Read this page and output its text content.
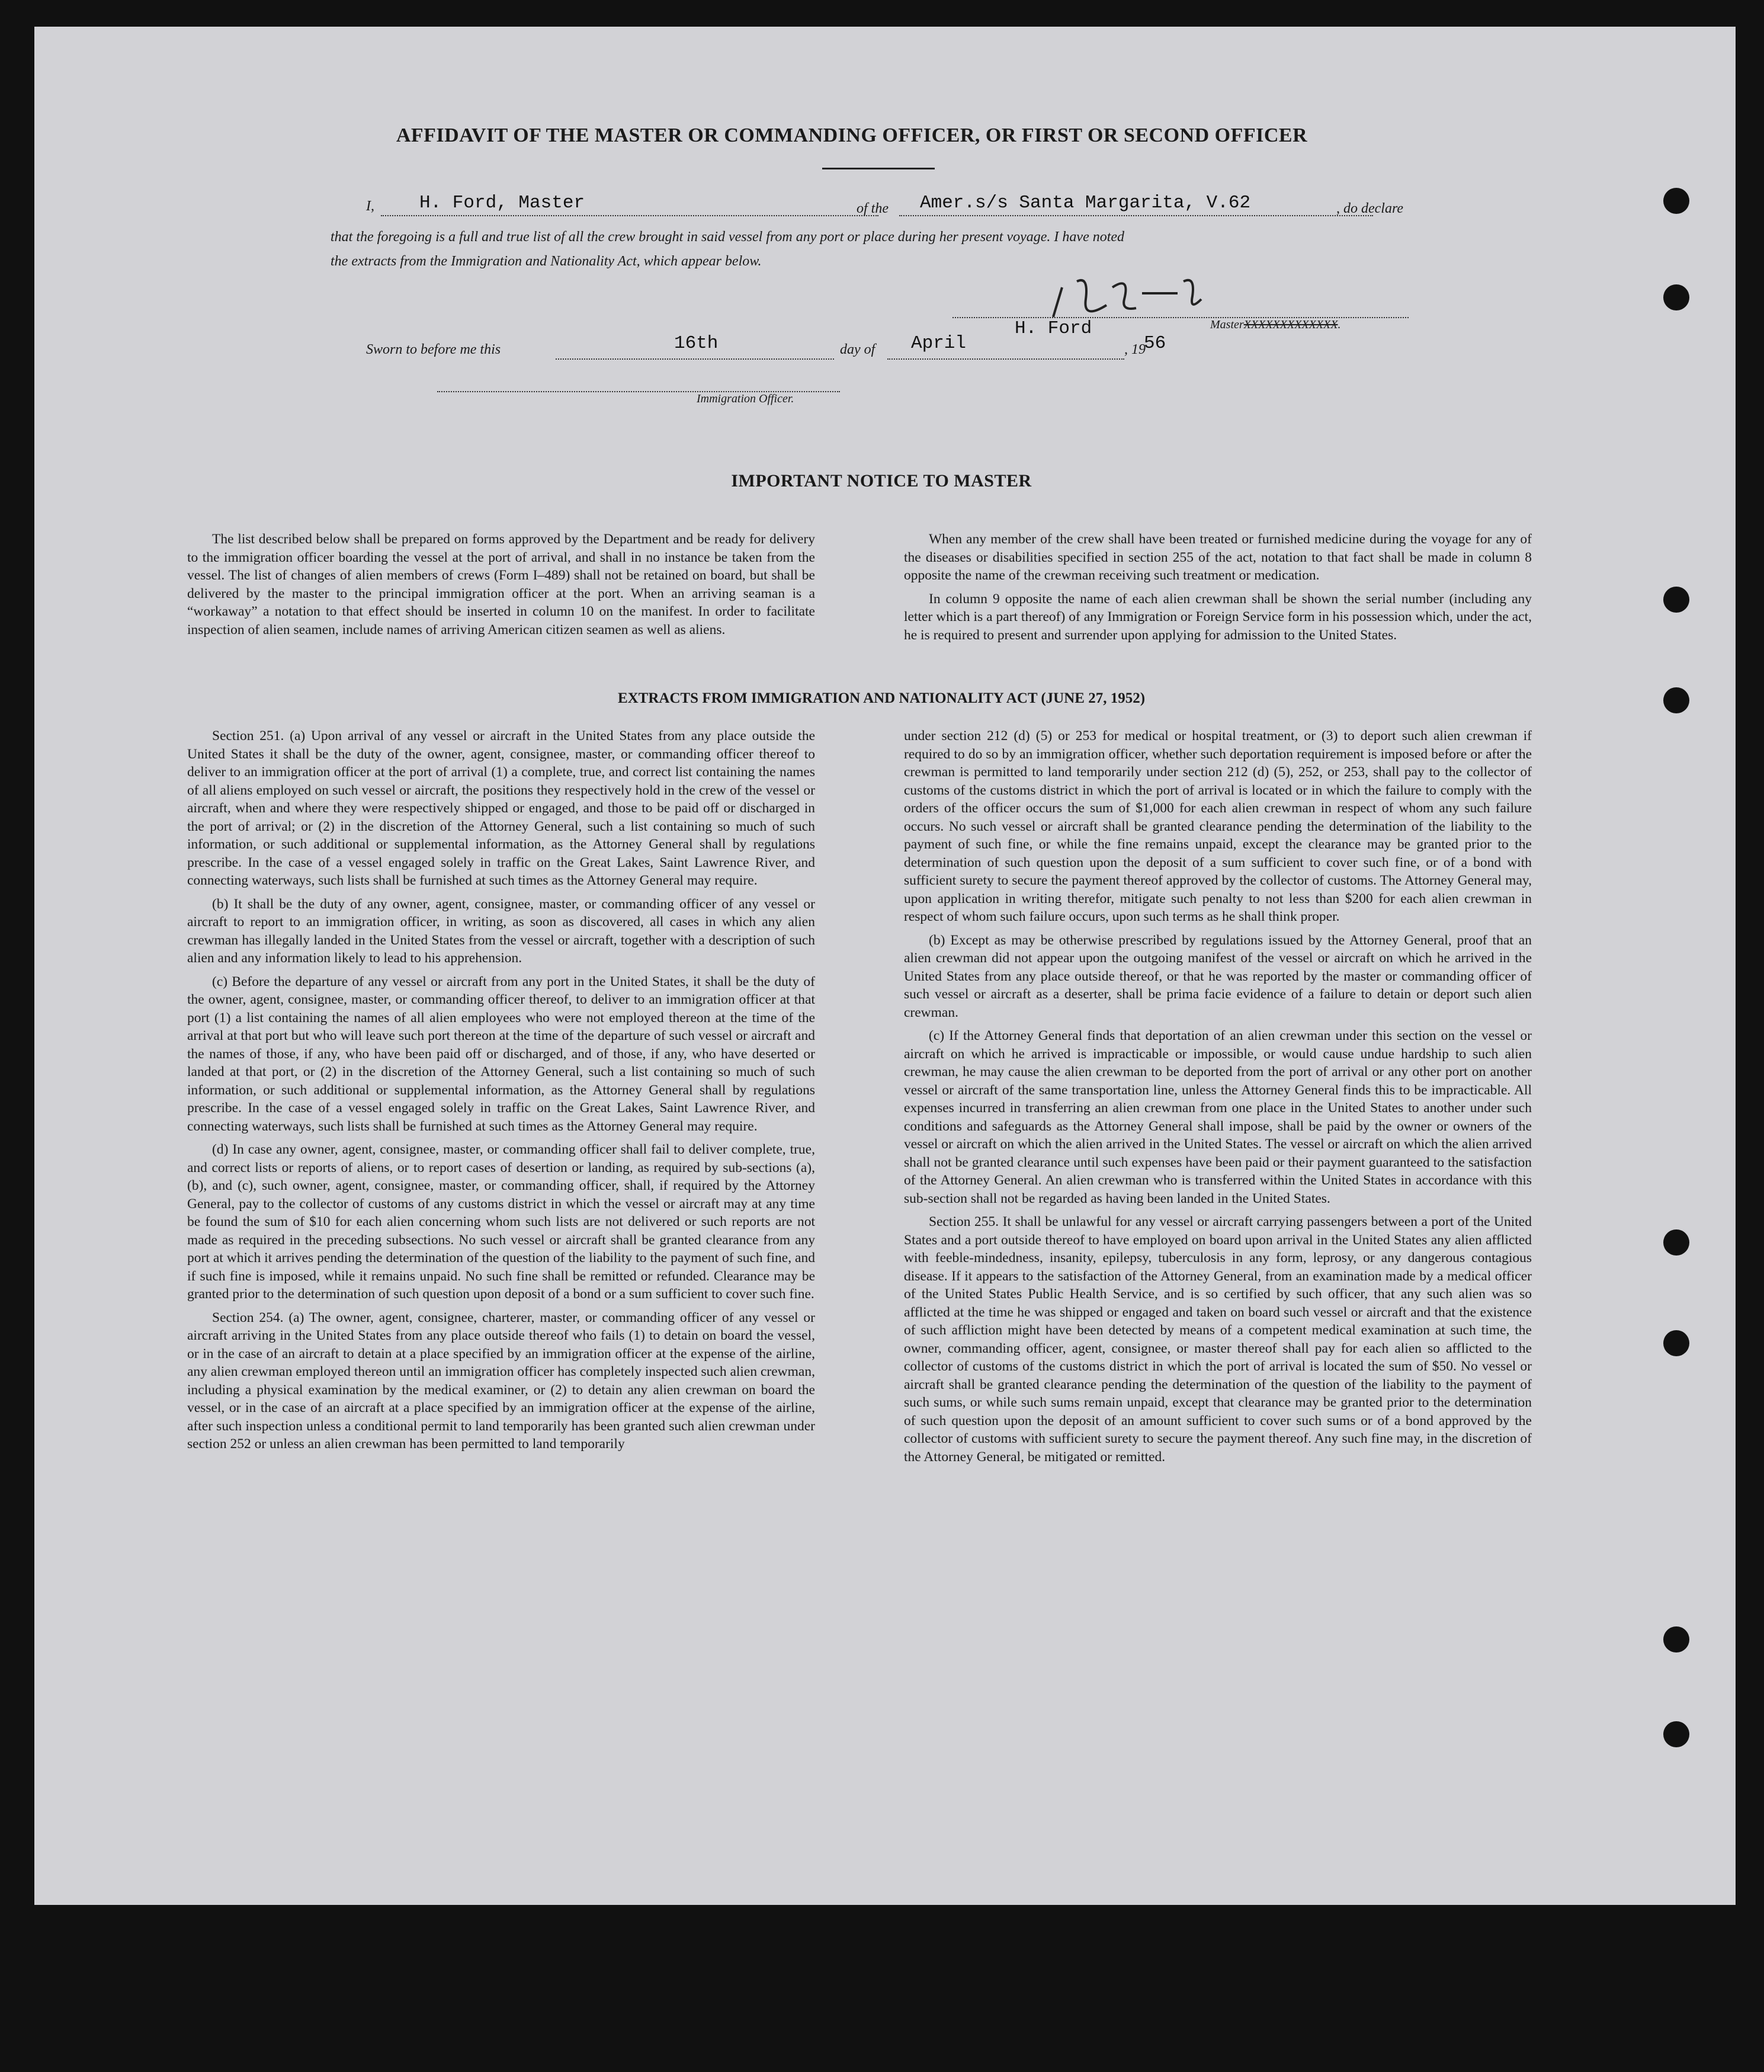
AFFIDAVIT OF THE MASTER OR COMMANDING OFFICER, OR FIRST OR SECOND OFFICER
I, H. Ford, Master	of the Amer.s/s Santa Margarita, V.62	, do declare
that the foregoing is a full and true list of all the crew brought in said vessel from any port or place during her present voyage. I have noted
the extracts from the Immigration and Nationality Act, which appear below.
MasterXXXXXXXXXXXXX.
Sworn to before me this	16th	day of April
H. Ford
, 19
56
Immigration Officer.
IMPORTANT NOTICE TO MASTER

The list described below shall be prepared on forms approved by the Department and be ready for delivery to the immigration officer boarding the vessel at the port of arrival, and shall in no instance be taken from the vessel. The list of changes of alien members of crews (Form I–489) shall not be retained on board, but shall be delivered by the master to the principal immigration officer at the port. When an arriving seaman is a “workaway” a notation to that effect should be inserted in column 10 on the manifest. In order to facilitate inspection of alien seamen, include names of arriving American citizen seamen as well as aliens.

When any member of the crew shall have been treated or furnished medicine during the voyage for any of the diseases or disabilities specified in section 255 of the act, notation to that fact shall be made in column 8 opposite the name of the crewman receiving such treatment or medication.

In column 9 opposite the name of each alien crewman shall be shown the serial number (including any letter which is a part thereof) of any Immigration or Foreign Service form in his possession which, under the act, he is required to present and surrender upon applying for admission to the United States.

EXTRACTS FROM IMMIGRATION AND NATIONALITY ACT (JUNE 27, 1952)

Section 251. (a) Upon arrival of any vessel or aircraft in the United States from any place outside the United States it shall be the duty of the owner, agent, consignee, master, or commanding officer thereof to deliver to an immigration officer at the port of arrival (1) a complete, true, and correct list containing the names of all aliens employed on such vessel or aircraft, the positions they respectively hold in the crew of the vessel or aircraft, when and where they were respectively shipped or engaged, and those to be paid off or discharged in the port of arrival; or (2) in the discretion of the Attorney General, such a list containing so much of such information, or such additional or supplemental information, as the Attorney General shall by regulations prescribe. In the case of a vessel engaged solely in traffic on the Great Lakes, Saint Lawrence River, and connecting waterways, such lists shall be furnished at such times as the Attorney General may require.

(b) It shall be the duty of any owner, agent, consignee, master, or commanding officer of any vessel or aircraft to report to an immigration officer, in writing, as soon as discovered, all cases in which any alien crewman has illegally landed in the United States from the vessel or aircraft, together with a description of such alien and any information likely to lead to his apprehension.

(c) Before the departure of any vessel or aircraft from any port in the United States, it shall be the duty of the owner, agent, consignee, master, or commanding officer thereof, to deliver to an immigration officer at that port (1) a list containing the names of all alien employees who were not employed thereon at the time of the arrival at that port but who will leave such port thereon at the time of the departure of such vessel or aircraft and the names of those, if any, who have been paid off or discharged, and of those, if any, who have deserted or landed at that port, or (2) in the discretion of the Attorney General, such a list containing so much of such information, or such additional or supplemental information, as the Attorney General shall by regulations prescribe. In the case of a vessel engaged solely in traffic on the Great Lakes, Saint Lawrence River, and connecting waterways, such lists shall be furnished at such times as the Attorney General may require.

(d) In case any owner, agent, consignee, master, or commanding officer shall fail to deliver complete, true, and correct lists or reports of aliens, or to report cases of desertion or landing, as required by sub-sections (a), (b), and (c), such owner, agent, consignee, master, or commanding officer, shall, if required by the Attorney General, pay to the collector of customs of any customs district in which the vessel or aircraft may at any time be found the sum of $10 for each alien concerning whom such lists are not delivered or such reports are not made as required in the preceding subsections. No such vessel or aircraft shall be granted clearance from any port at which it arrives pending the determination of the question of the liability to the payment of such fine, and if such fine is imposed, while it remains unpaid. No such fine shall be remitted or refunded. Clearance may be granted prior to the determination of such question upon deposit of a bond or a sum sufficient to cover such fine.

Section 254. (a) The owner, agent, consignee, charterer, master, or commanding officer of any vessel or aircraft arriving in the United States from any place outside thereof who fails (1) to detain on board the vessel, or in the case of an aircraft to detain at a place specified by an immigration officer at the expense of the airline, any alien crewman employed thereon until an immigration officer has completely inspected such alien crewman, including a physical examination by the medical examiner, or (2) to detain any alien crewman on board the vessel, or in the case of an aircraft at a place specified by an immigration officer at the expense of the airline, after such inspection unless a conditional permit to land temporarily has been granted such alien crewman under section 252 or unless an alien crewman has been permitted to land temporarily

under section 212 (d) (5) or 253 for medical or hospital treatment, or (3) to deport such alien crewman if required to do so by an immigration officer, whether such deportation requirement is imposed before or after the crewman is permitted to land temporarily under section 212 (d) (5), 252, or 253, shall pay to the collector of customs of the customs district in which the port of arrival is located or in which the failure to comply with the orders of the officer occurs the sum of $1,000 for each alien crewman in respect of whom any such failure occurs. No such vessel or aircraft shall be granted clearance pending the determination of the liability to the payment of such fine, or while the fine remains unpaid, except the clearance may be granted prior to the determination of such question upon the deposit of a sum sufficient to cover such fine, or of a bond with sufficient surety to secure the payment thereof approved by the collector of customs. The Attorney General may, upon application in writing therefor, mitigate such penalty to not less than $200 for each alien crewman in respect of whom such failure occurs, upon such terms as he shall think proper.

(b) Except as may be otherwise prescribed by regulations issued by the Attorney General, proof that an alien crewman did not appear upon the outgoing manifest of the vessel or aircraft on which he arrived in the United States from any place outside thereof, or that he was reported by the master or commanding officer of such vessel or aircraft as a deserter, shall be prima facie evidence of a failure to detain or deport such alien crewman.

(c) If the Attorney General finds that deportation of an alien crewman under this section on the vessel or aircraft on which he arrived is impracticable or impossible, or would cause undue hardship to such alien crewman, he may cause the alien crewman to be deported from the port of arrival or any other port on another vessel or aircraft of the same transportation line, unless the Attorney General finds this to be impracticable. All expenses incurred in transferring an alien crewman from one place in the United States to another under such conditions and safeguards as the Attorney General shall impose, shall be paid by the owner or owners of the vessel or aircraft on which the alien arrived in the United States. The vessel or aircraft on which the alien arrived shall not be granted clearance until such expenses have been paid or their payment guaranteed to the satisfaction of the Attorney General. An alien crewman who is transferred within the United States in accordance with this sub-section shall not be regarded as having been landed in the United States.

Section 255. It shall be unlawful for any vessel or aircraft carrying passengers between a port of the United States and a port outside thereof to have employed on board upon arrival in the United States any alien afflicted with feeble-mindedness, insanity, epilepsy, tuberculosis in any form, leprosy, or any dangerous contagious disease. If it appears to the satisfaction of the Attorney General, from an examination made by a medical officer of the United States Public Health Service, and is so certified by such officer, that any such alien was so afflicted at the time he was shipped or engaged and taken on board such vessel or aircraft and that the existence of such affliction might have been detected by means of a competent medical examination at such time, the owner, commanding officer, agent, consignee, or master thereof shall pay for each alien so afflicted to the collector of customs of the customs district in which the port of arrival is located the sum of $50. No vessel or aircraft shall be granted clearance pending the determination of the question of the liability to the payment of such sums, or while such sums remain unpaid, except that clearance may be granted prior to the determination of such question upon the deposit of an amount sufficient to cover such sums or of a bond approved by the collector of customs with sufficient surety to secure the payment thereof. Any such fine may, in the discretion of the Attorney General, be mitigated or remitted.
